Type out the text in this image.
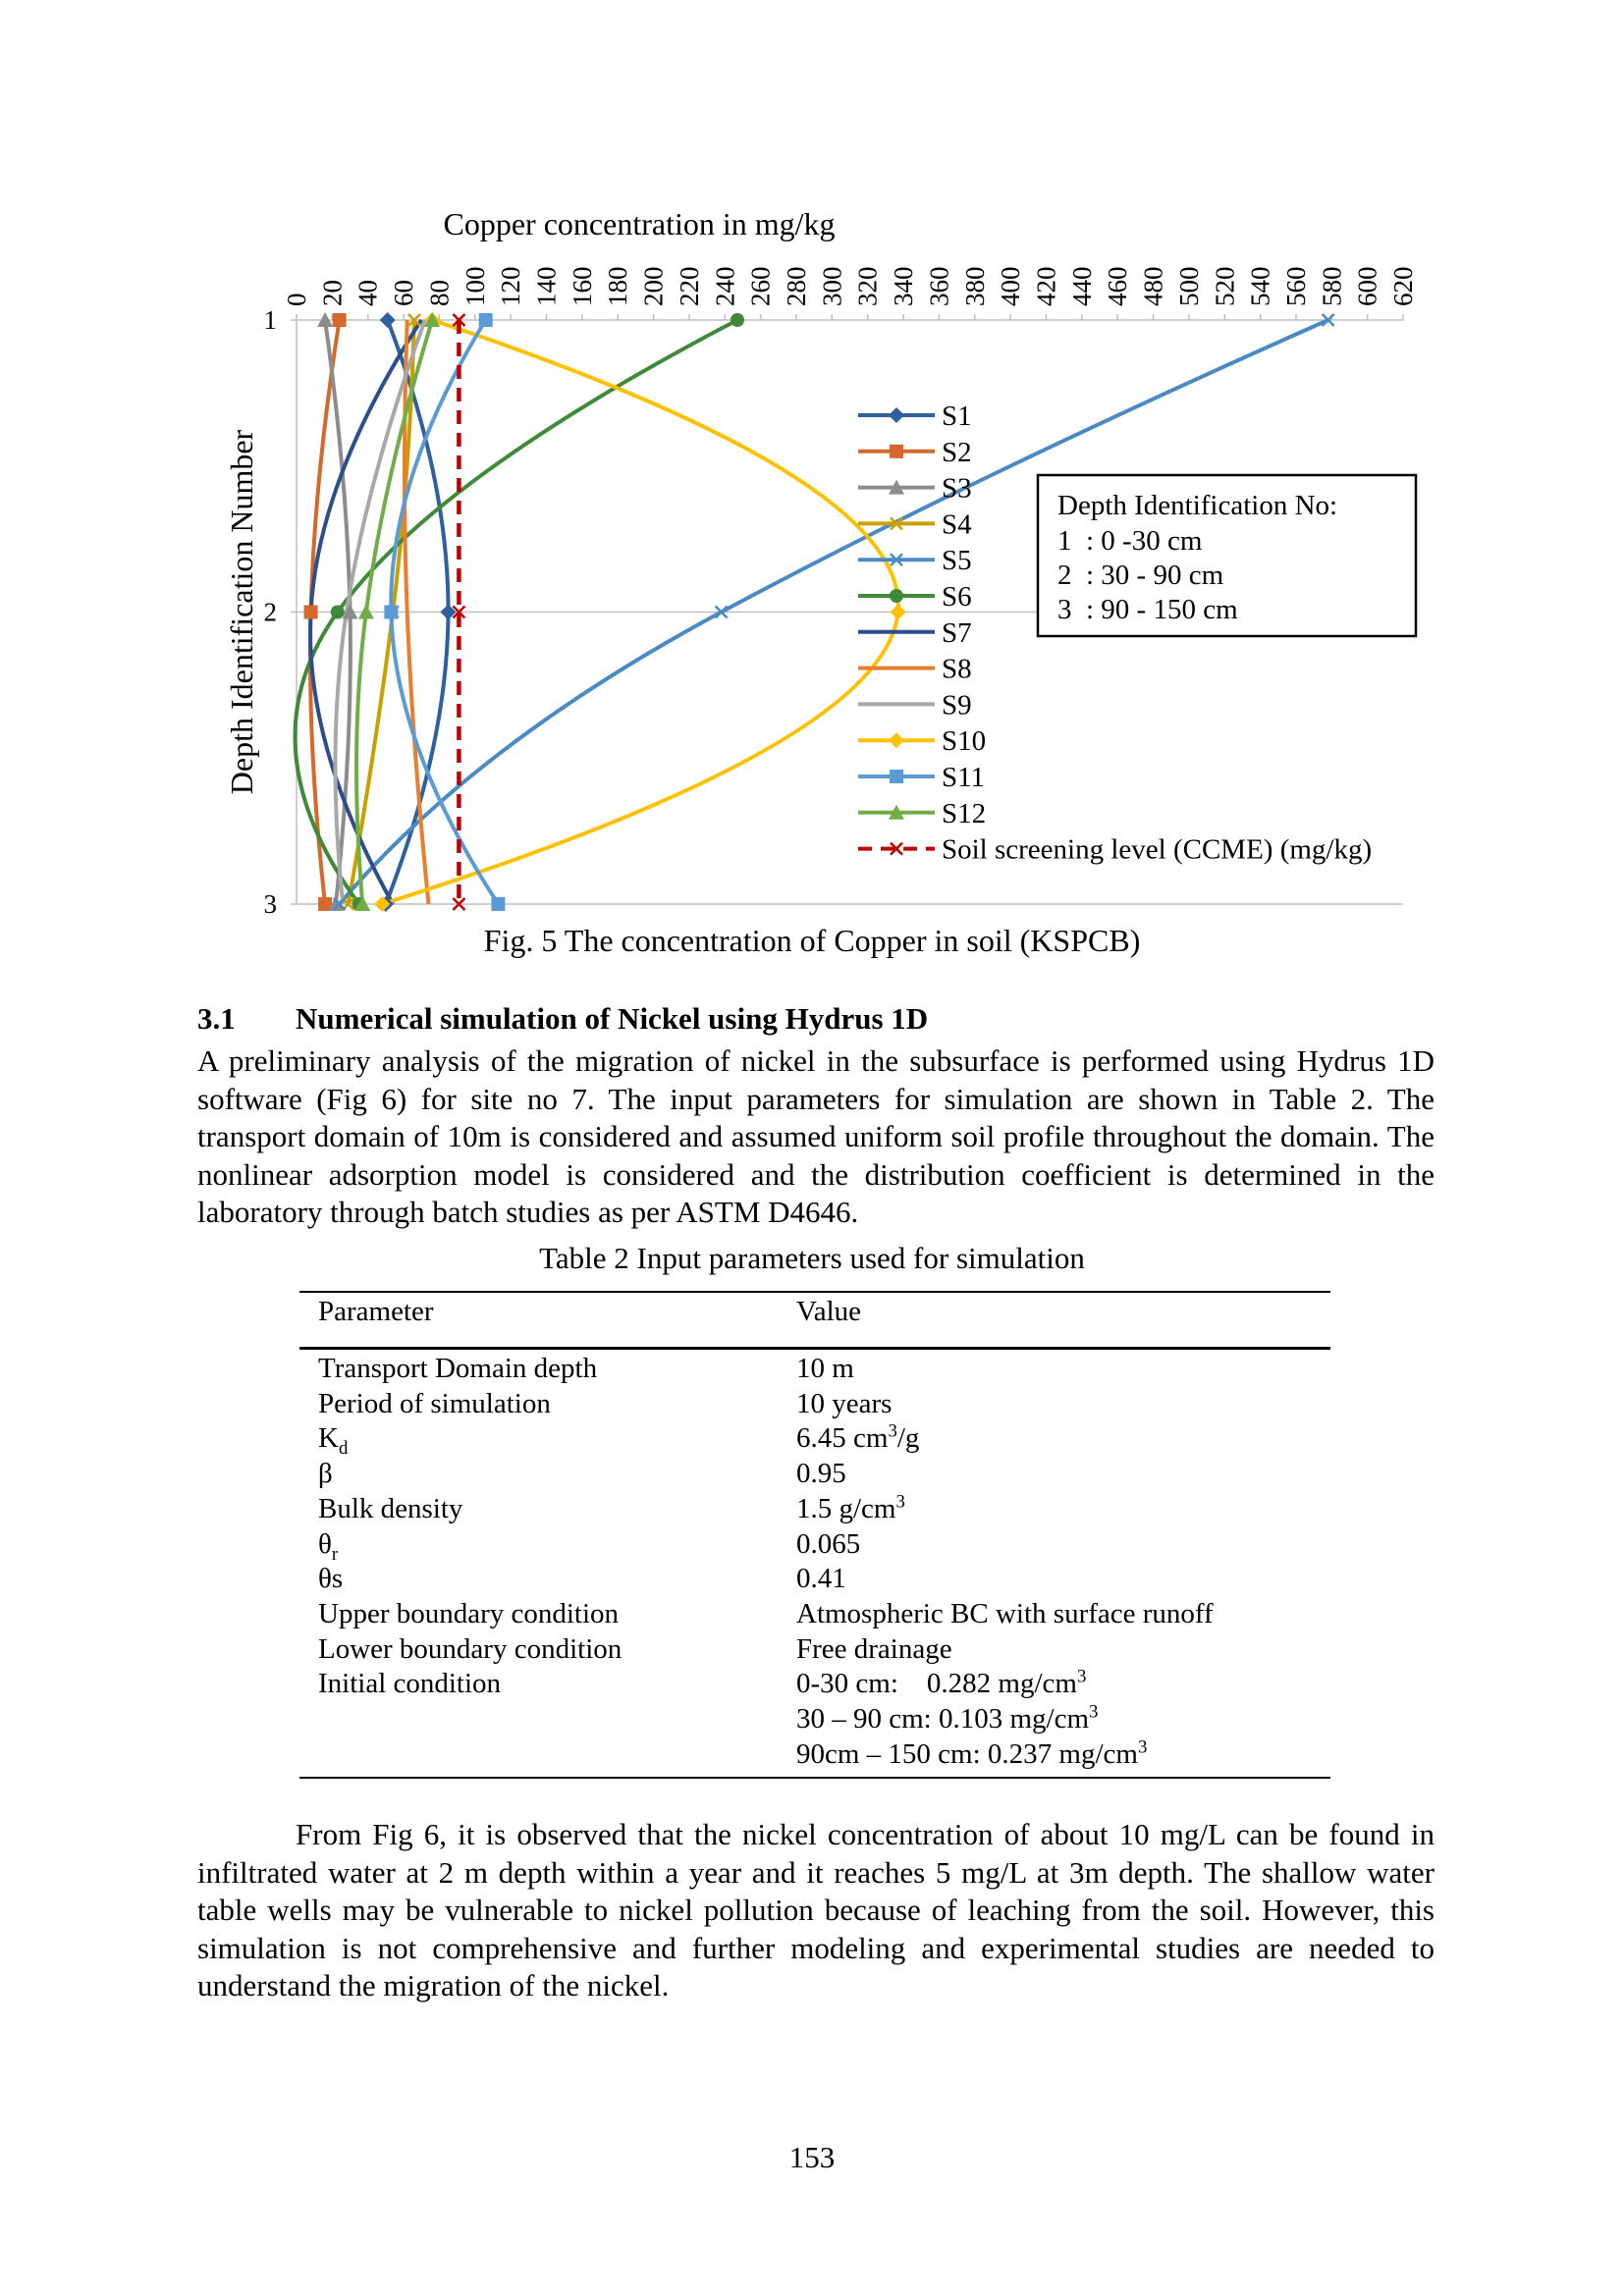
0 20 40 60 80 100 120 140 160 180 200 220 240 260 280 300 320 340 360 380 400 420 440 460 480 500 520 540 560 580 600 620
Copper concentration in mg/kg
1
2
3
Depth Identification Number
S1
S2
S3
S4
S5
S6
S7
S8
S9
S10
S11
S12
Soil screening level (CCME) (mg/kg)
Depth Identification No:
1  : 0 -30 cm
2  : 30 - 90 cm
3  : 90 - 150 cm
Fig. 5 The concentration of Copper in soil (KSPCB)
3.1 Numerical simulation of Nickel using Hydrus 1D
A preliminary analysis of the migration of nickel in the subsurface is performed using Hydrus 1D software (Fig 6) for site no 7. The input parameters for simulation are shown in Table 2. The transport domain of 10m is considered and assumed uniform soil profile throughout the domain. The nonlinear adsorption model is considered and the distribution coefficient is determined in the laboratory through batch studies as per ASTM D4646.
Table 2 Input parameters used for simulation
Parameter	Value
Transport Domain depth	10 m
Period of simulation	10 years
$K_d$	6.45 $cm^3/g$
β	0.95
Bulk density	1.5 $g/cm^3$
$\theta_r$	0.065
θs	0.41
Upper boundary condition	Atmospheric BC with surface runoff
Lower boundary condition	Free drainage
Initial condition	0-30 cm:    0.282 $mg/cm^3$
30 – 90 cm: 0.103 $mg/cm^3$
90cm – 150 cm: 0.237 $mg/cm^3$
From Fig 6, it is observed that the nickel concentration of about 10 mg/L can be found in infiltrated water at 2 m depth within a year and it reaches 5 mg/L at 3m depth. The shallow water table wells may be vulnerable to nickel pollution because of leaching from the soil. However, this simulation is not comprehensive and further modeling and experimental studies are needed to understand the migration of the nickel.
153
